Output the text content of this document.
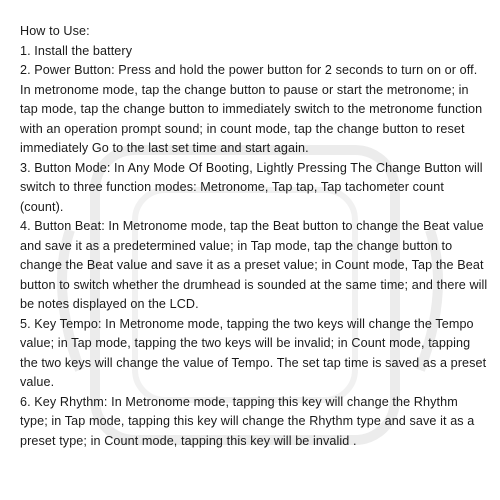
How to Use:

1. Install the battery

2. Power Button: Press and hold the power button for 2 seconds to turn on or off. In metronome mode, tap the change button to pause or start the metronome; in tap mode, tap the change button to immediately switch to the metronome function with an operation prompt sound; in count mode, tap the change button to reset immediately Go to the last set time and start again.

3. Button Mode: In Any Mode Of Booting, Lightly Pressing The Change Button will switch to three function modes: Metronome, Tap tap, Tap tachometer count (count).

4. Button Beat: In Metronome mode, tap the Beat button to change the Beat value and save it as a predetermined value; in Tap mode, tap the change button to change the Beat value and save it as a preset value; in Count mode, Tap the Beat button to switch whether the drumhead is sounded at the same time; and there will be notes displayed on the LCD.

5. Key Tempo: In Metronome mode, tapping the two keys will change the Tempo value; in Tap mode, tapping the two keys will be invalid; in Count mode, tapping the two keys will change the value of Tempo. The set tap time is saved as a preset value.

6. Key Rhythm: In Metronome mode, tapping this key will change the Rhythm type; in Tap mode, tapping this key will change the Rhythm type and save it as a preset type; in Count mode, tapping this key will be invalid .
